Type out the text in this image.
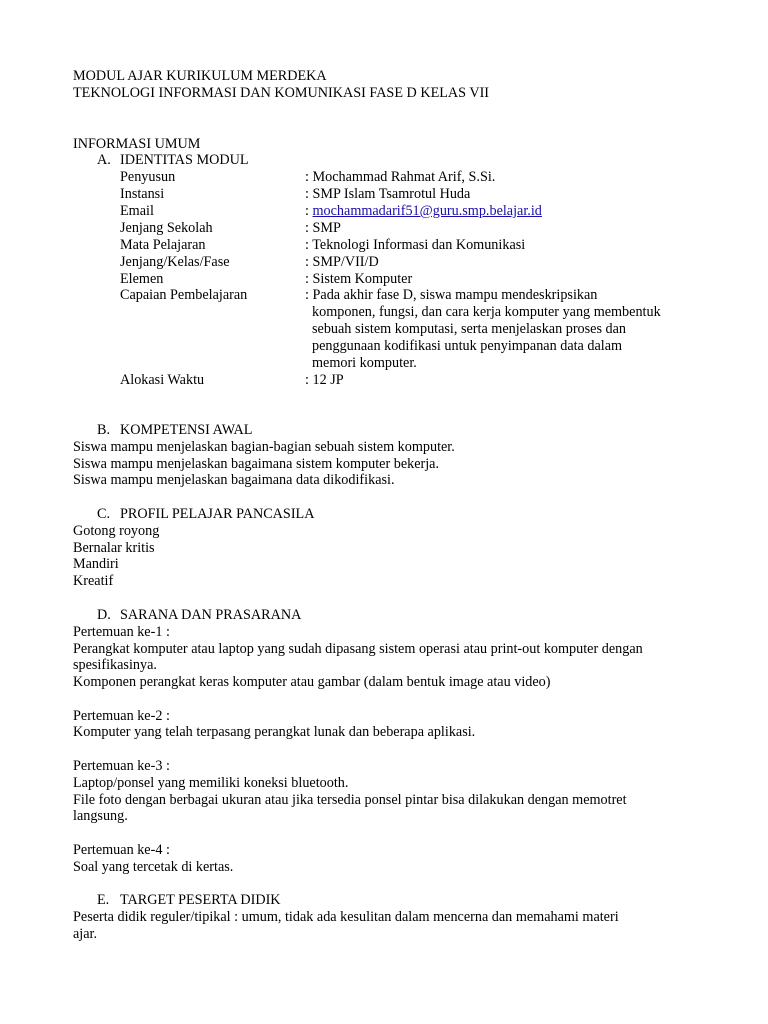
MODUL AJAR KURIKULUM MERDEKA
TEKNOLOGI INFORMASI DAN KOMUNIKASI FASE D KELAS VII
INFORMASI UMUM
A. IDENTITAS MODUL
Penyusun	: Mochammad Rahmat Arif, S.Si.
Instansi	: SMP Islam Tsamrotul Huda
Email	: mochammadarif51@guru.smp.belajar.id
Jenjang Sekolah	: SMP
Mata Pelajaran	: Teknologi Informasi dan Komunikasi
Jenjang/Kelas/Fase	: SMP/VII/D
Elemen	: Sistem Komputer
Capaian Pembelajaran	: Pada akhir fase D, siswa mampu mendeskripsikan
komponen, fungsi, dan cara kerja komputer yang membentuk
sebuah sistem komputasi, serta menjelaskan proses dan
penggunaan kodifikasi untuk penyimpanan data dalam
memori komputer.
Alokasi Waktu	: 12 JP
B. KOMPETENSI AWAL
Siswa mampu menjelaskan bagian-bagian sebuah sistem komputer.
Siswa mampu menjelaskan bagaimana sistem komputer bekerja.
Siswa mampu menjelaskan bagaimana data dikodifikasi.
C. PROFIL PELAJAR PANCASILA
Gotong royong
Bernalar kritis
Mandiri
Kreatif
D. SARANA DAN PRASARANA
Pertemuan ke-1 :
Perangkat komputer atau laptop yang sudah dipasang sistem operasi atau print-out komputer dengan
spesifikasinya.
Komponen perangkat keras komputer atau gambar (dalam bentuk image atau video)
Pertemuan ke-2 :
Komputer yang telah terpasang perangkat lunak dan beberapa aplikasi.
Pertemuan ke-3 :
Laptop/ponsel yang memiliki koneksi bluetooth.
File foto dengan berbagai ukuran atau jika tersedia ponsel pintar bisa dilakukan dengan memotret
langsung.
Pertemuan ke-4 :
Soal yang tercetak di kertas.
E. TARGET PESERTA DIDIK
Peserta didik reguler/tipikal : umum, tidak ada kesulitan dalam mencerna dan memahami materi
ajar.
